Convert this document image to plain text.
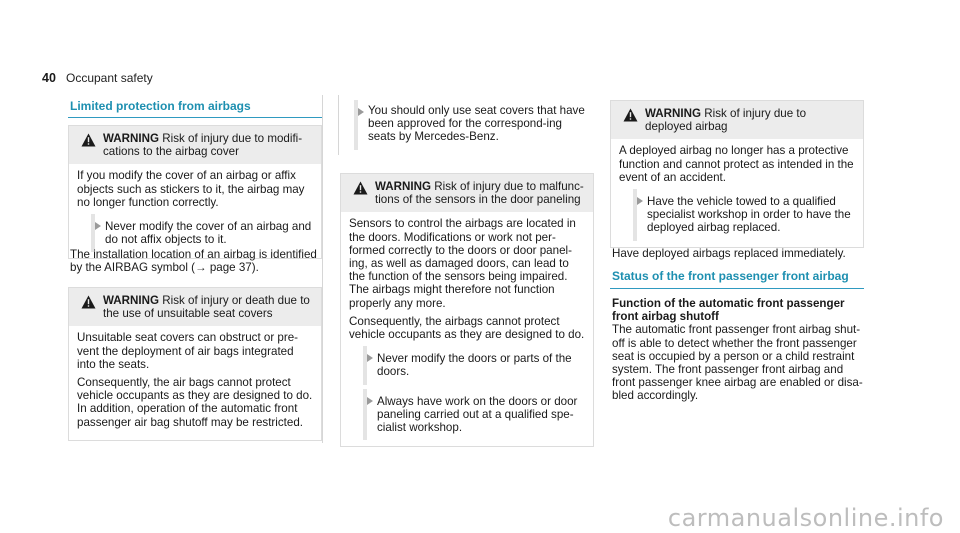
40 Occupant safety
Limited protection from airbags
WARNING Risk of injury due to modifi-cations to the airbag cover

If you modify the cover of an airbag or affix objects such as stickers to it, the airbag may no longer function correctly.

Never modify the cover of an airbag and do not affix objects to it.

The installation location of an airbag is identified by the AIRBAG symbol (→ page 37).

WARNING Risk of injury or death due to the use of unsuitable seat covers

Unsuitable seat covers can obstruct or pre-vent the deployment of air bags integrated into the seats.

Consequently, the air bags cannot protect vehicle occupants as they are designed to do. In addition, operation of the automatic front passenger air bag shutoff may be restricted.

You should only use seat covers that have been approved for the correspond-ing seats by Mercedes-Benz.
WARNING Risk of injury due to malfunc-tions of the sensors in the door paneling

Sensors to control the airbags are located in the doors. Modifications or work not per-formed correctly to the doors or door panel-ing, as well as damaged doors, can lead to the function of the sensors being impaired. The airbags might therefore not function properly any more.

Consequently, the airbags cannot protect vehicle occupants as they are designed to do.

Never modify the doors or parts of the doors.
Always have work on the doors or door paneling carried out at a qualified spe-cialist workshop.
WARNING Risk of injury due to deployed airbag

A deployed airbag no longer has a protective function and cannot protect as intended in the event of an accident.

Have the vehicle towed to a qualified specialist workshop in order to have the deployed airbag replaced.

Have deployed airbags replaced immediately.

Status of the front passenger front airbag

Function of the automatic front passenger front airbag shutoff

The automatic front passenger front airbag shut-off is able to detect whether the front passenger seat is occupied by a person or a child restraint system. The front passenger front airbag and front passenger knee airbag are enabled or disa-bled accordingly.

carmanualsonline.info
